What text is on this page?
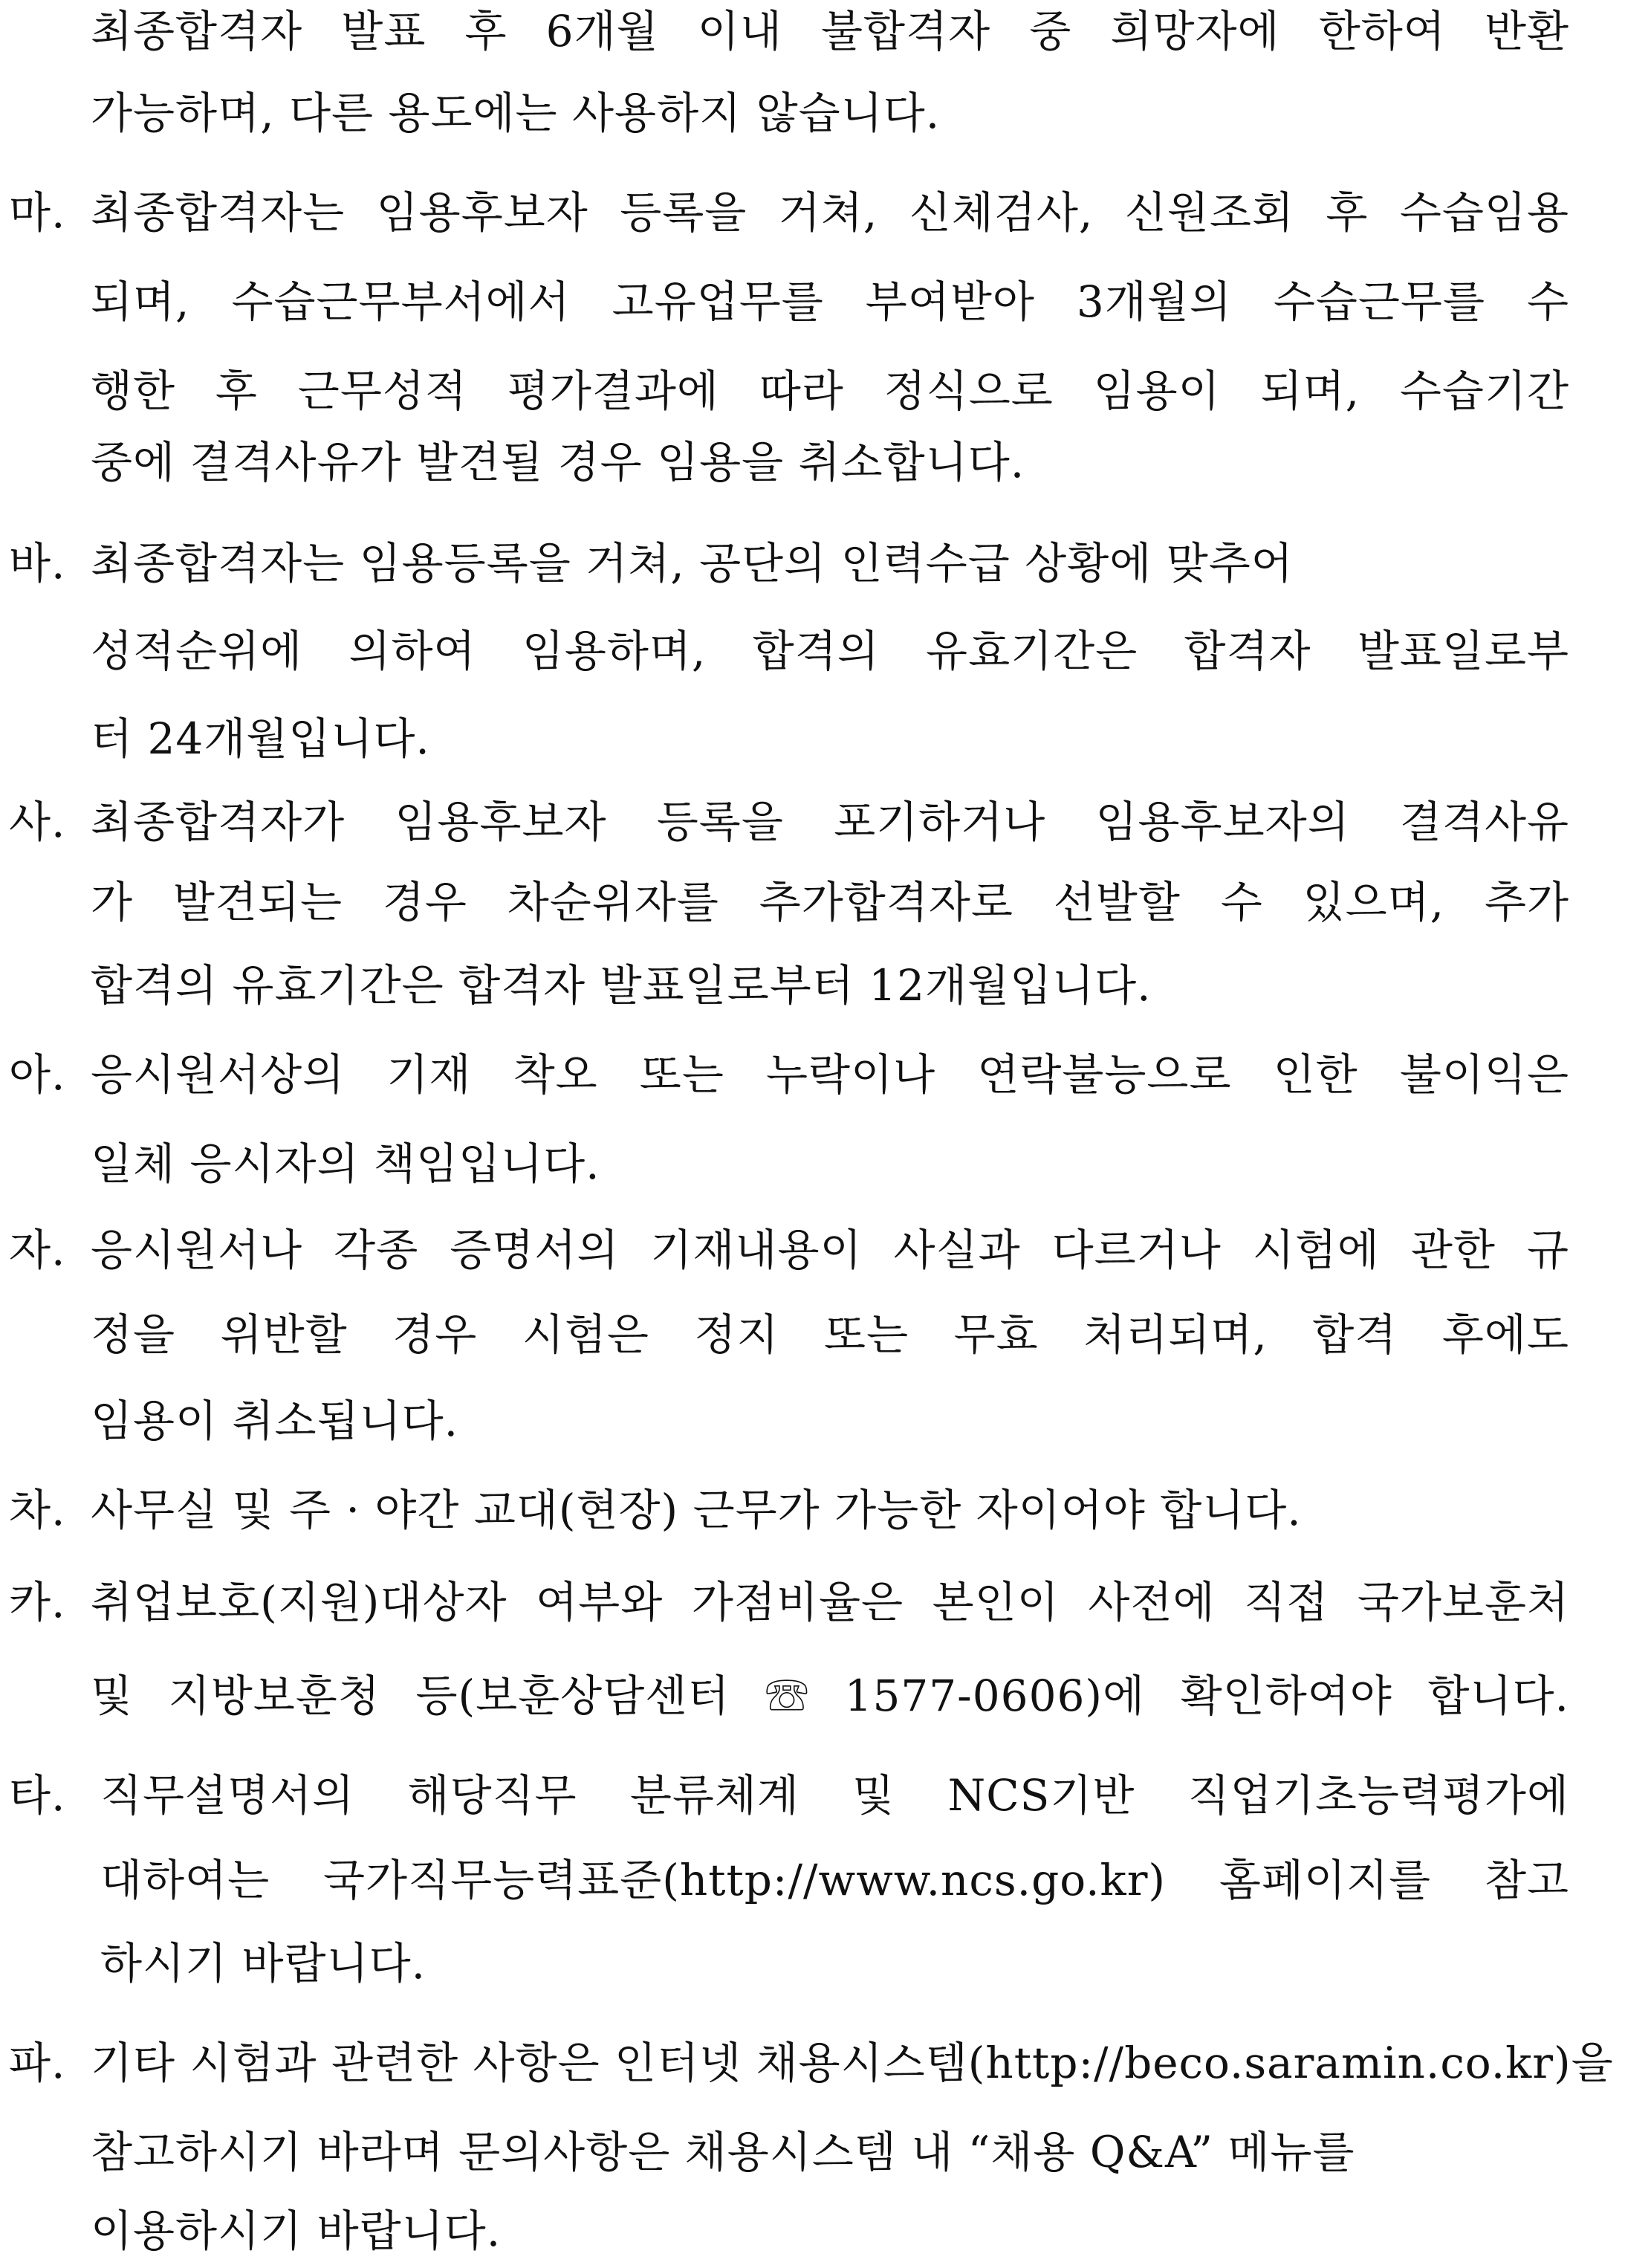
최종합격자 발표 후 6개월 이내 불합격자 중 희망자에 한하여 반환
가능하며, 다른 용도에는 사용하지 않습니다.
마. 최종합격자는 임용후보자 등록을 거쳐, 신체검사, 신원조회 후 수습임용
되며, 수습근무부서에서 고유업무를 부여받아 3개월의 수습근무를 수
행한 후 근무성적 평가결과에 따라 정식으로 임용이 되며, 수습기간
중에 결격사유가 발견될 경우 임용을 취소합니다.
바. 최종합격자는 임용등록을 거쳐, 공단의 인력수급 상황에 맞추어
성적순위에 의하여 임용하며, 합격의 유효기간은 합격자 발표일로부
터 24개월입니다.
사. 최종합격자가 임용후보자 등록을 포기하거나 임용후보자의 결격사유
가 발견되는 경우 차순위자를 추가합격자로 선발할 수 있으며, 추가
합격의 유효기간은 합격자 발표일로부터 12개월입니다.
아. 응시원서상의 기재 착오 또는 누락이나 연락불능으로 인한 불이익은
일체 응시자의 책임입니다.
자. 응시원서나 각종 증명서의 기재내용이 사실과 다르거나 시험에 관한 규
정을 위반할 경우 시험은 정지 또는 무효 처리되며, 합격 후에도
임용이 취소됩니다.
차. 사무실 및 주 · 야간 교대(현장) 근무가 가능한 자이어야 합니다.
카. 취업보호(지원)대상자 여부와 가점비율은 본인이 사전에 직접 국가보훈처
및 지방보훈청 등(보훈상담센터 ☏ 1577-0606)에 확인하여야 합니다.
타. 직무설명서의 해당직무 분류체계 및 NCS기반 직업기초능력평가에
대하여는 국가직무능력표준(http://www.ncs.go.kr) 홈페이지를 참고
하시기 바랍니다.
파. 기타 시험과 관련한 사항은 인터넷 채용시스템(http://beco.saramin.co.kr)을
참고하시기 바라며 문의사항은 채용시스템 내 “채용 Q&A” 메뉴를
이용하시기 바랍니다.
